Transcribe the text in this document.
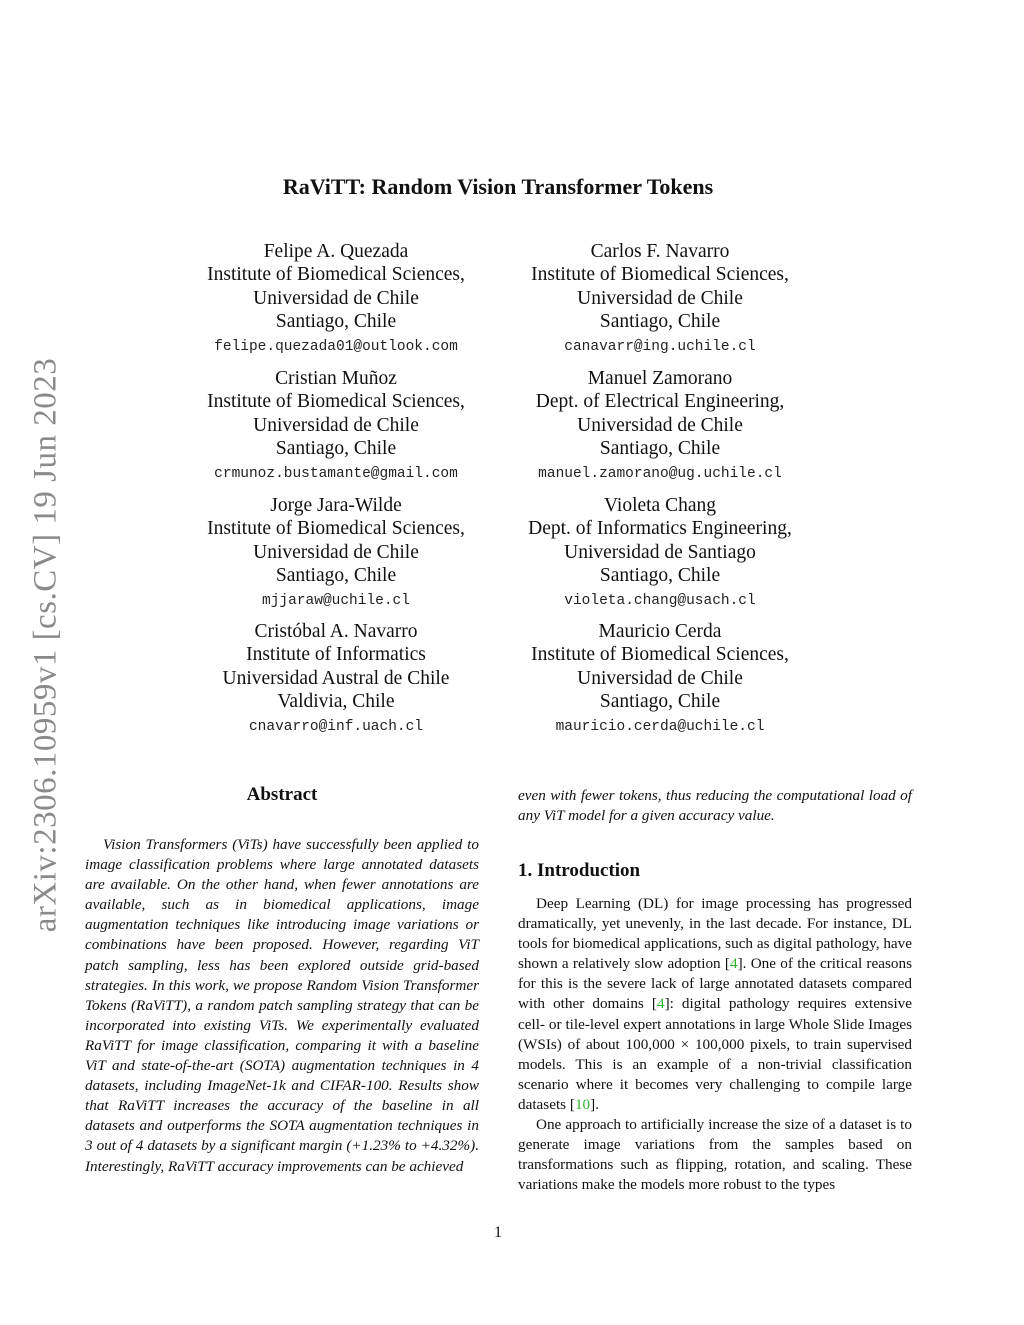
arXiv:2306.10959v1 [cs.CV] 19 Jun 2023
RaViTT: Random Vision Transformer Tokens
Felipe A. Quezada
Institute of Biomedical Sciences,
Universidad de Chile
Santiago, Chile
felipe.quezada01@outlook.com
Cristian Muñoz
Institute of Biomedical Sciences,
Universidad de Chile
Santiago, Chile
crmunoz.bustamante@gmail.com
Jorge Jara-Wilde
Institute of Biomedical Sciences,
Universidad de Chile
Santiago, Chile
mjjaraw@uchile.cl
Cristóbal A. Navarro
Institute of Informatics
Universidad Austral de Chile
Valdivia, Chile
cnavarro@inf.uach.cl
Carlos F. Navarro
Institute of Biomedical Sciences,
Universidad de Chile
Santiago, Chile
canavarr@ing.uchile.cl
Manuel Zamorano
Dept. of Electrical Engineering,
Universidad de Chile
Santiago, Chile
manuel.zamorano@ug.uchile.cl
Violeta Chang
Dept. of Informatics Engineering,
Universidad de Santiago
Santiago, Chile
violeta.chang@usach.cl
Mauricio Cerda
Institute of Biomedical Sciences,
Universidad de Chile
Santiago, Chile
mauricio.cerda@uchile.cl
Abstract
Vision Transformers (ViTs) have successfully been applied to image classification problems where large annotated datasets are available. On the other hand, when fewer annotations are available, such as in biomedical applications, image augmentation techniques like introducing image variations or combinations have been proposed. However, regarding ViT patch sampling, less has been explored outside grid-based strategies. In this work, we propose Random Vision Transformer Tokens (RaViTT), a random patch sampling strategy that can be incorporated into existing ViTs. We experimentally evaluated RaViTT for image classification, comparing it with a baseline ViT and state-of-the-art (SOTA) augmentation techniques in 4 datasets, including ImageNet-1k and CIFAR-100. Results show that RaViTT increases the accuracy of the baseline in all datasets and outperforms the SOTA augmentation techniques in 3 out of 4 datasets by a significant margin (+1.23% to +4.32%). Interestingly, RaViTT accuracy improvements can be achieved
even with fewer tokens, thus reducing the computational load of any ViT model for a given accuracy value.
1. Introduction
Deep Learning (DL) for image processing has progressed dramatically, yet unevenly, in the last decade. For instance, DL tools for biomedical applications, such as digital pathology, have shown a relatively slow adoption [4]. One of the critical reasons for this is the severe lack of large annotated datasets compared with other domains [4]: digital pathology requires extensive cell- or tile-level expert annotations in large Whole Slide Images (WSIs) of about 100,000 × 100,000 pixels, to train supervised models. This is an example of a non-trivial classification scenario where it becomes very challenging to compile large datasets [10].
One approach to artificially increase the size of a dataset is to generate image variations from the samples based on transformations such as flipping, rotation, and scaling. These variations make the models more robust to the types
1
